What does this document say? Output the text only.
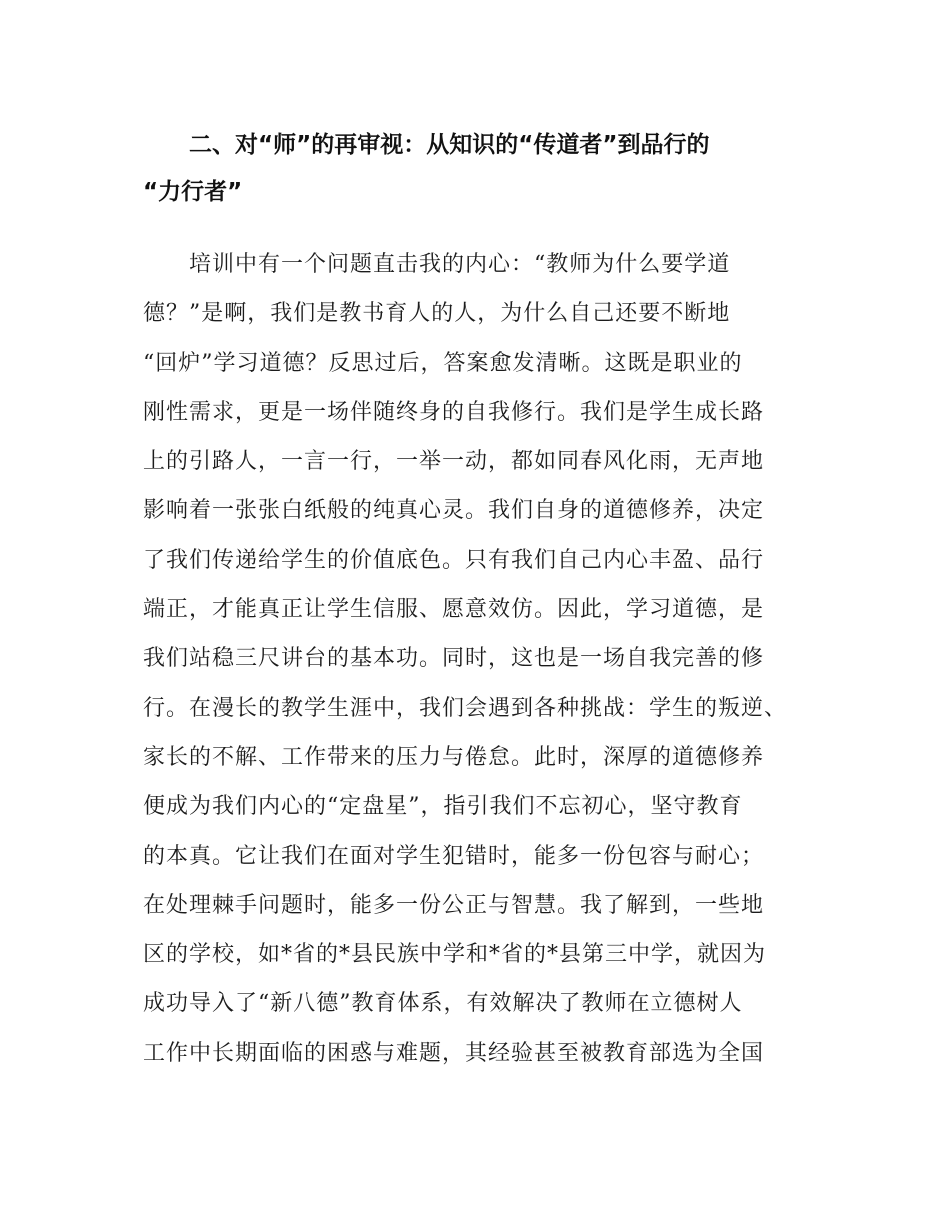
二、对“师”的再审视：从知识的“传道者”到品行的
“力行者”
培训中有一个问题直击我的内心：“教师为什么要学道
德？”是啊，我们是教书育人的人，为什么自己还要不断地
“回炉”学习道德？反思过后，答案愈发清晰。这既是职业的
刚性需求，更是一场伴随终身的自我修行。我们是学生成长路
上的引路人，一言一行，一举一动，都如同春风化雨，无声地
影响着一张张白纸般的纯真心灵。我们自身的道德修养，决定
了我们传递给学生的价值底色。只有我们自己内心丰盈、品行
端正，才能真正让学生信服、愿意效仿。因此，学习道德，是
我们站稳三尺讲台的基本功。同时，这也是一场自我完善的修
行。在漫长的教学生涯中，我们会遇到各种挑战：学生的叛逆、
家长的不解、工作带来的压力与倦怠。此时，深厚的道德修养
便成为我们内心的“定盘星”，指引我们不忘初心，坚守教育
的本真。它让我们在面对学生犯错时，能多一份包容与耐心；
在处理棘手问题时，能多一份公正与智慧。我了解到，一些地
区的学校，如*省的*县民族中学和*省的*县第三中学，就因为
成功导入了“新八德”教育体系，有效解决了教师在立德树人
工作中长期面临的困惑与难题，其经验甚至被教育部选为全国
